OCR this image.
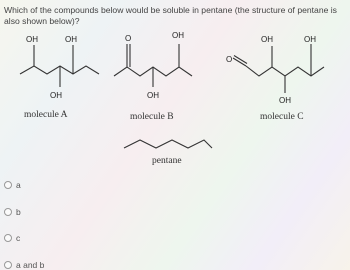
Which of the compounds below would be soluble in pentane (the structure of pentane is also shown below)?
OH	OH
OH
molecule A
O	OH
OH
molecule B
O
OH	OH
OH
molecule C
pentane
a
b
c
a and b
